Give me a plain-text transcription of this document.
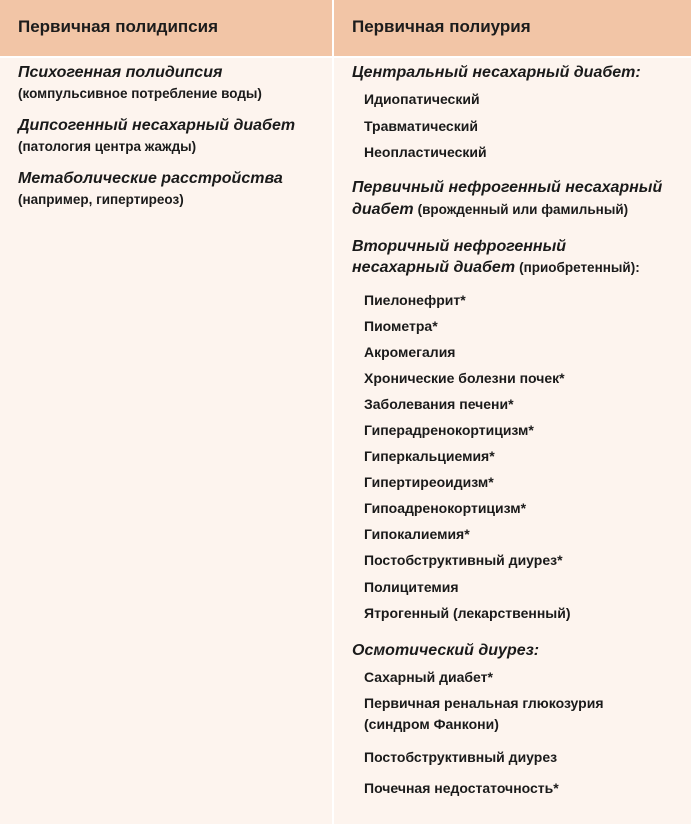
Первичная полидипсия	Первичная полиурия
Психогенная полидипсия
(компульсивное потребление воды)
Дипсогенный несахарный диабет
(патология центра жажды)
Метаболические расстройства
(например, гипертиреоз)
Центральный несахарный диабет:
Идиопатический
Травматический
Неопластический
Первичный нефрогенный несахарный
диабет (врожденный или фамильный)
Вторичный нефрогенный
несахарный диабет (приобретенный):
Пиелонефрит*
Пиометра*
Акромегалия
Хронические болезни почек*
Заболевания печени*
Гиперадренокортицизм*
Гиперкальциемия*
Гипертиреоидизм*
Гипоадренокортицизм*
Гипокалиемия*
Постобструктивный диурез*
Полицитемия
Ятрогенный (лекарственный)
Осмотический диурез:
Сахарный диабет*
Первичная ренальная глюкозурия
(синдром Фанкони)
Постобструктивный диурез
Почечная недостаточность*
